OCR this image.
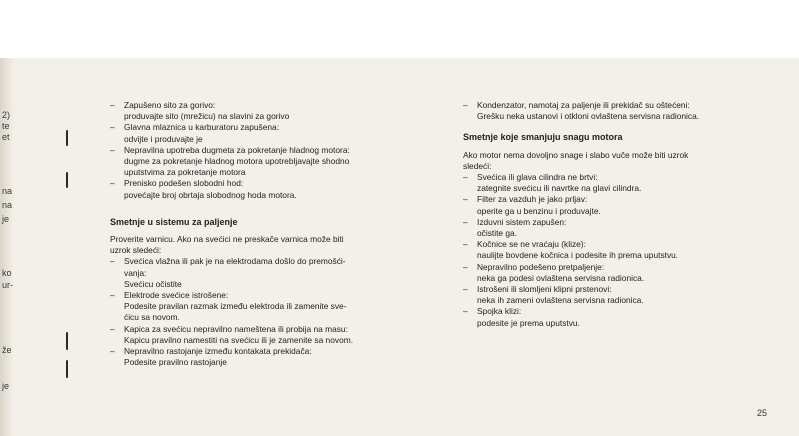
2)
te
et
na
na
je
ko
ur-
že
je
– Zapušeno sito za gorivo:
produvajte sito (mrežicu) na slavini za gorivo
– Glavna mlaznica u karburatoru zapušena:
odvijte i produvajte je
– Nepravilna upotreba dugmeta za pokretanje hladnog motora:
dugme za pokretanje hladnog motora upotrebljavajte shodno
uputstvima za pokretanje motora
– Prenisko podešen slobodni hod:
povećajte broj obrtaja slobodnog hoda motora.
Smetnje u sistemu za paljenje
Proverite varnicu. Ako na svećici ne preskače varnica može biti
uzrok sledeći:
– Svećica vlažna ili pak je na elektrodama došlo do premošći-
vanja:
Svećicu očistite
– Elektrode svećice istrošene:
Podesite pravilan razmak između elektroda ili zamenite sve-
ćicu sa novom.
– Kapica za svećicu nepravilno nameštena ili probija na masu:
Kapicu pravilno namestiti na svećicu ili je zamenite sa novom.
– Nepravilno rastojanje između kontakata prekidača:
Podesite pravilno rastojanje
– Kondenzator, namotaj za paljenje ili prekidač su oštećeni:
Grešku neka ustanovi i otkloni ovlaštena servisna radionica.
Smetnje koje smanjuju snagu motora
Ako motor nema dovoljno snage i slabo vuče može biti uzrok
sledeći:
– Svećica ili glava cilindra ne brtvi:
zategnite svećicu ili navrtke na glavi cilindra.
– Filter za vazduh je jako prljav:
operite ga u benzinu i produvajte.
– Izduvni sistem zapušen:
očistite ga.
– Kočnice se ne vraćaju (klize):
naulijte bovdene kočnica i podesite ih prema uputstvu.
– Nepravilno podešeno pretpaljenje:
neka ga podesi ovlaštena servisna radionica.
– Istrošeni ili slomljeni klipni prstenovi:
neka ih zameni ovlaštena servisna radionica.
– Spojka klizi:
podesite je prema uputstvu.
25
